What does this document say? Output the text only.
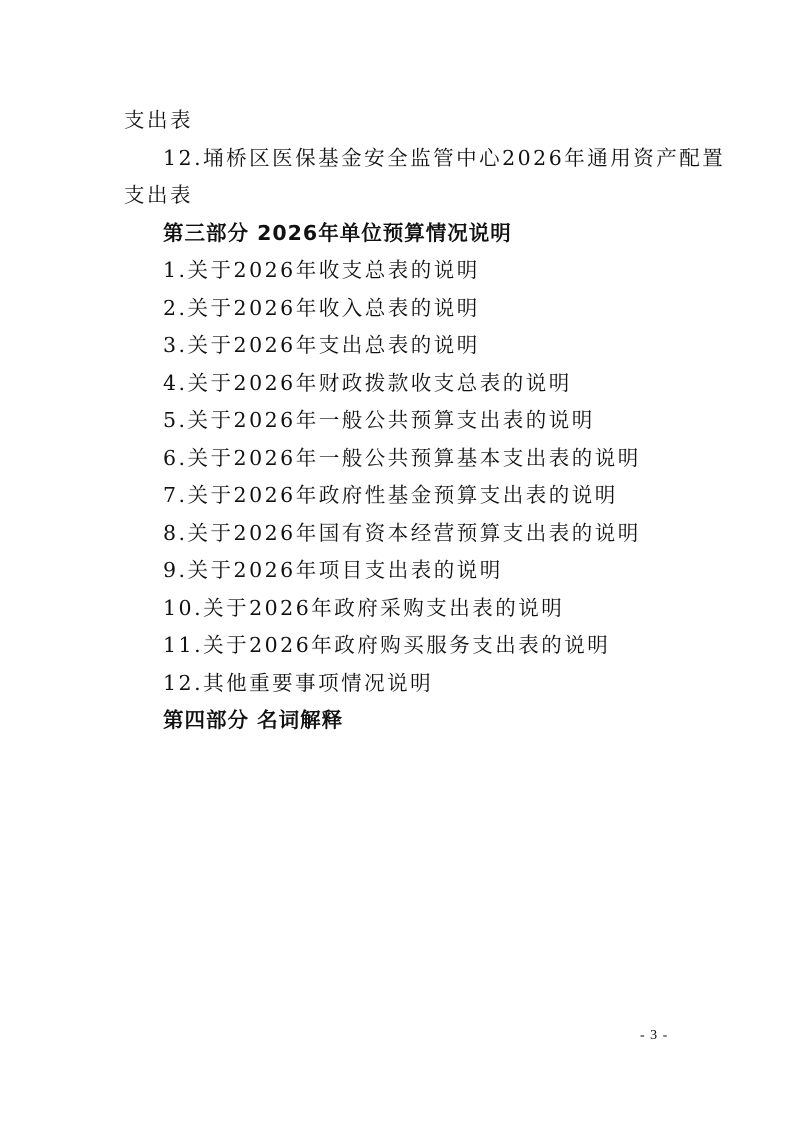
支出表
12.埇桥区医保基金安全监管中心2026年通用资产配置
支出表
第三部分 2026年单位预算情况说明
1.关于2026年收支总表的说明
2.关于2026年收入总表的说明
3.关于2026年支出总表的说明
4.关于2026年财政拨款收支总表的说明
5.关于2026年一般公共预算支出表的说明
6.关于2026年一般公共预算基本支出表的说明
7.关于2026年政府性基金预算支出表的说明
8.关于2026年国有资本经营预算支出表的说明
9.关于2026年项目支出表的说明
10.关于2026年政府采购支出表的说明
11.关于2026年政府购买服务支出表的说明
12.其他重要事项情况说明
第四部分 名词解释
- 3 -
